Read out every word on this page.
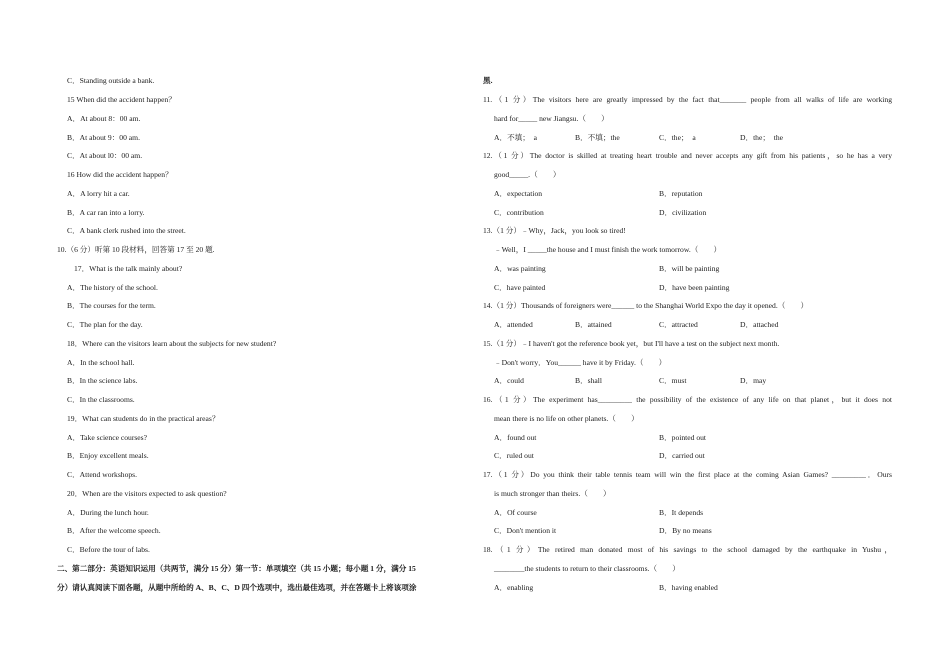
C．Standing outside a bank.
15 When did the accident happen？
A．At about 8：00 am.
B．At about 9：00 am.
C．At about l0：00 am.
16 How did the accident happen？
A．A lorry hit a car.
B．A car ran into a lorry.
C．A bank clerk rushed into the street.
10.（6 分）听第 10 段材料，回答第 17 至 20 题.
17．What is the talk mainly about?
A．The history of the school.
B．The courses for the term.
C．The plan for the day.
18．Where can the visitors learn about the subjects for new student?
A．In the school hall.
B．In the science labs.
C．In the classrooms.
19．What can students do in the practical areas？
A．Take science courses?
B．Enjoy excellent meals.
C．Attend workshops.
20．When are the visitors expected to ask question?
A．During the lunch hour.
B．After the welcome speech.
C．Before the tour of labs.
二、第二部分：英语知识运用（共两节，满分 15 分）第一节：单项填空（共 15 小题；每小题 1 分，满分 15
分）请认真阅读下面各题，从题中所给的 A、B、C、D 四个选项中，选出最佳选项，并在答题卡上将该项涂
黑.
11.（1 分）The visitors here are greatly impressed by the fact that_______ people from all walks of life are working
hard for_____ new Jiangsu.（　　）
A．不填；　a	B．不填；the	C．the；　a	D．the；　the
12.（1 分）The doctor is skilled at treating heart trouble and never accepts any gift from his patients，so he has a very
good_____.（　　）
A．expectation	B．reputation
C．contribution	D．civilization
13.（1 分）﹣Why，Jack，you look so tired!
﹣Well，I _____the house and I must finish the work tomorrow.（　　）
A．was painting	B．will be painting
C．have painted	D．have been painting
14.（1 分）Thousands of foreigners were______ to the Shanghai World Expo the day it opened.（　　）
A．attended	B．attained	C．attracted	D．attached
15.（1 分）﹣I haven't got the reference book yet，but I'll have a test on the subject next month.
﹣Don't worry．You______ have it by Friday.（　　）
A．could	B．shall	C．must	D．may
16.（1 分）The experiment has_________ the possibility of the existence of any life on that planet，but it does not
mean there is no life on other planets.（　　）
A．found out	B．pointed out
C．ruled out	D．carried out
17.（1 分）Do you think their table tennis team will win the first place at the coming Asian Games? _________．Ours
is much stronger than theirs.（　　）
A．Of course	B．It depends
C．Don't mention it	D．By no means
18.（1 分）The retired man donated most of his savings to the school damaged by the earthquake in Yushu，
________the students to return to their classrooms.（　　）
A．enabling	B．having enabled
